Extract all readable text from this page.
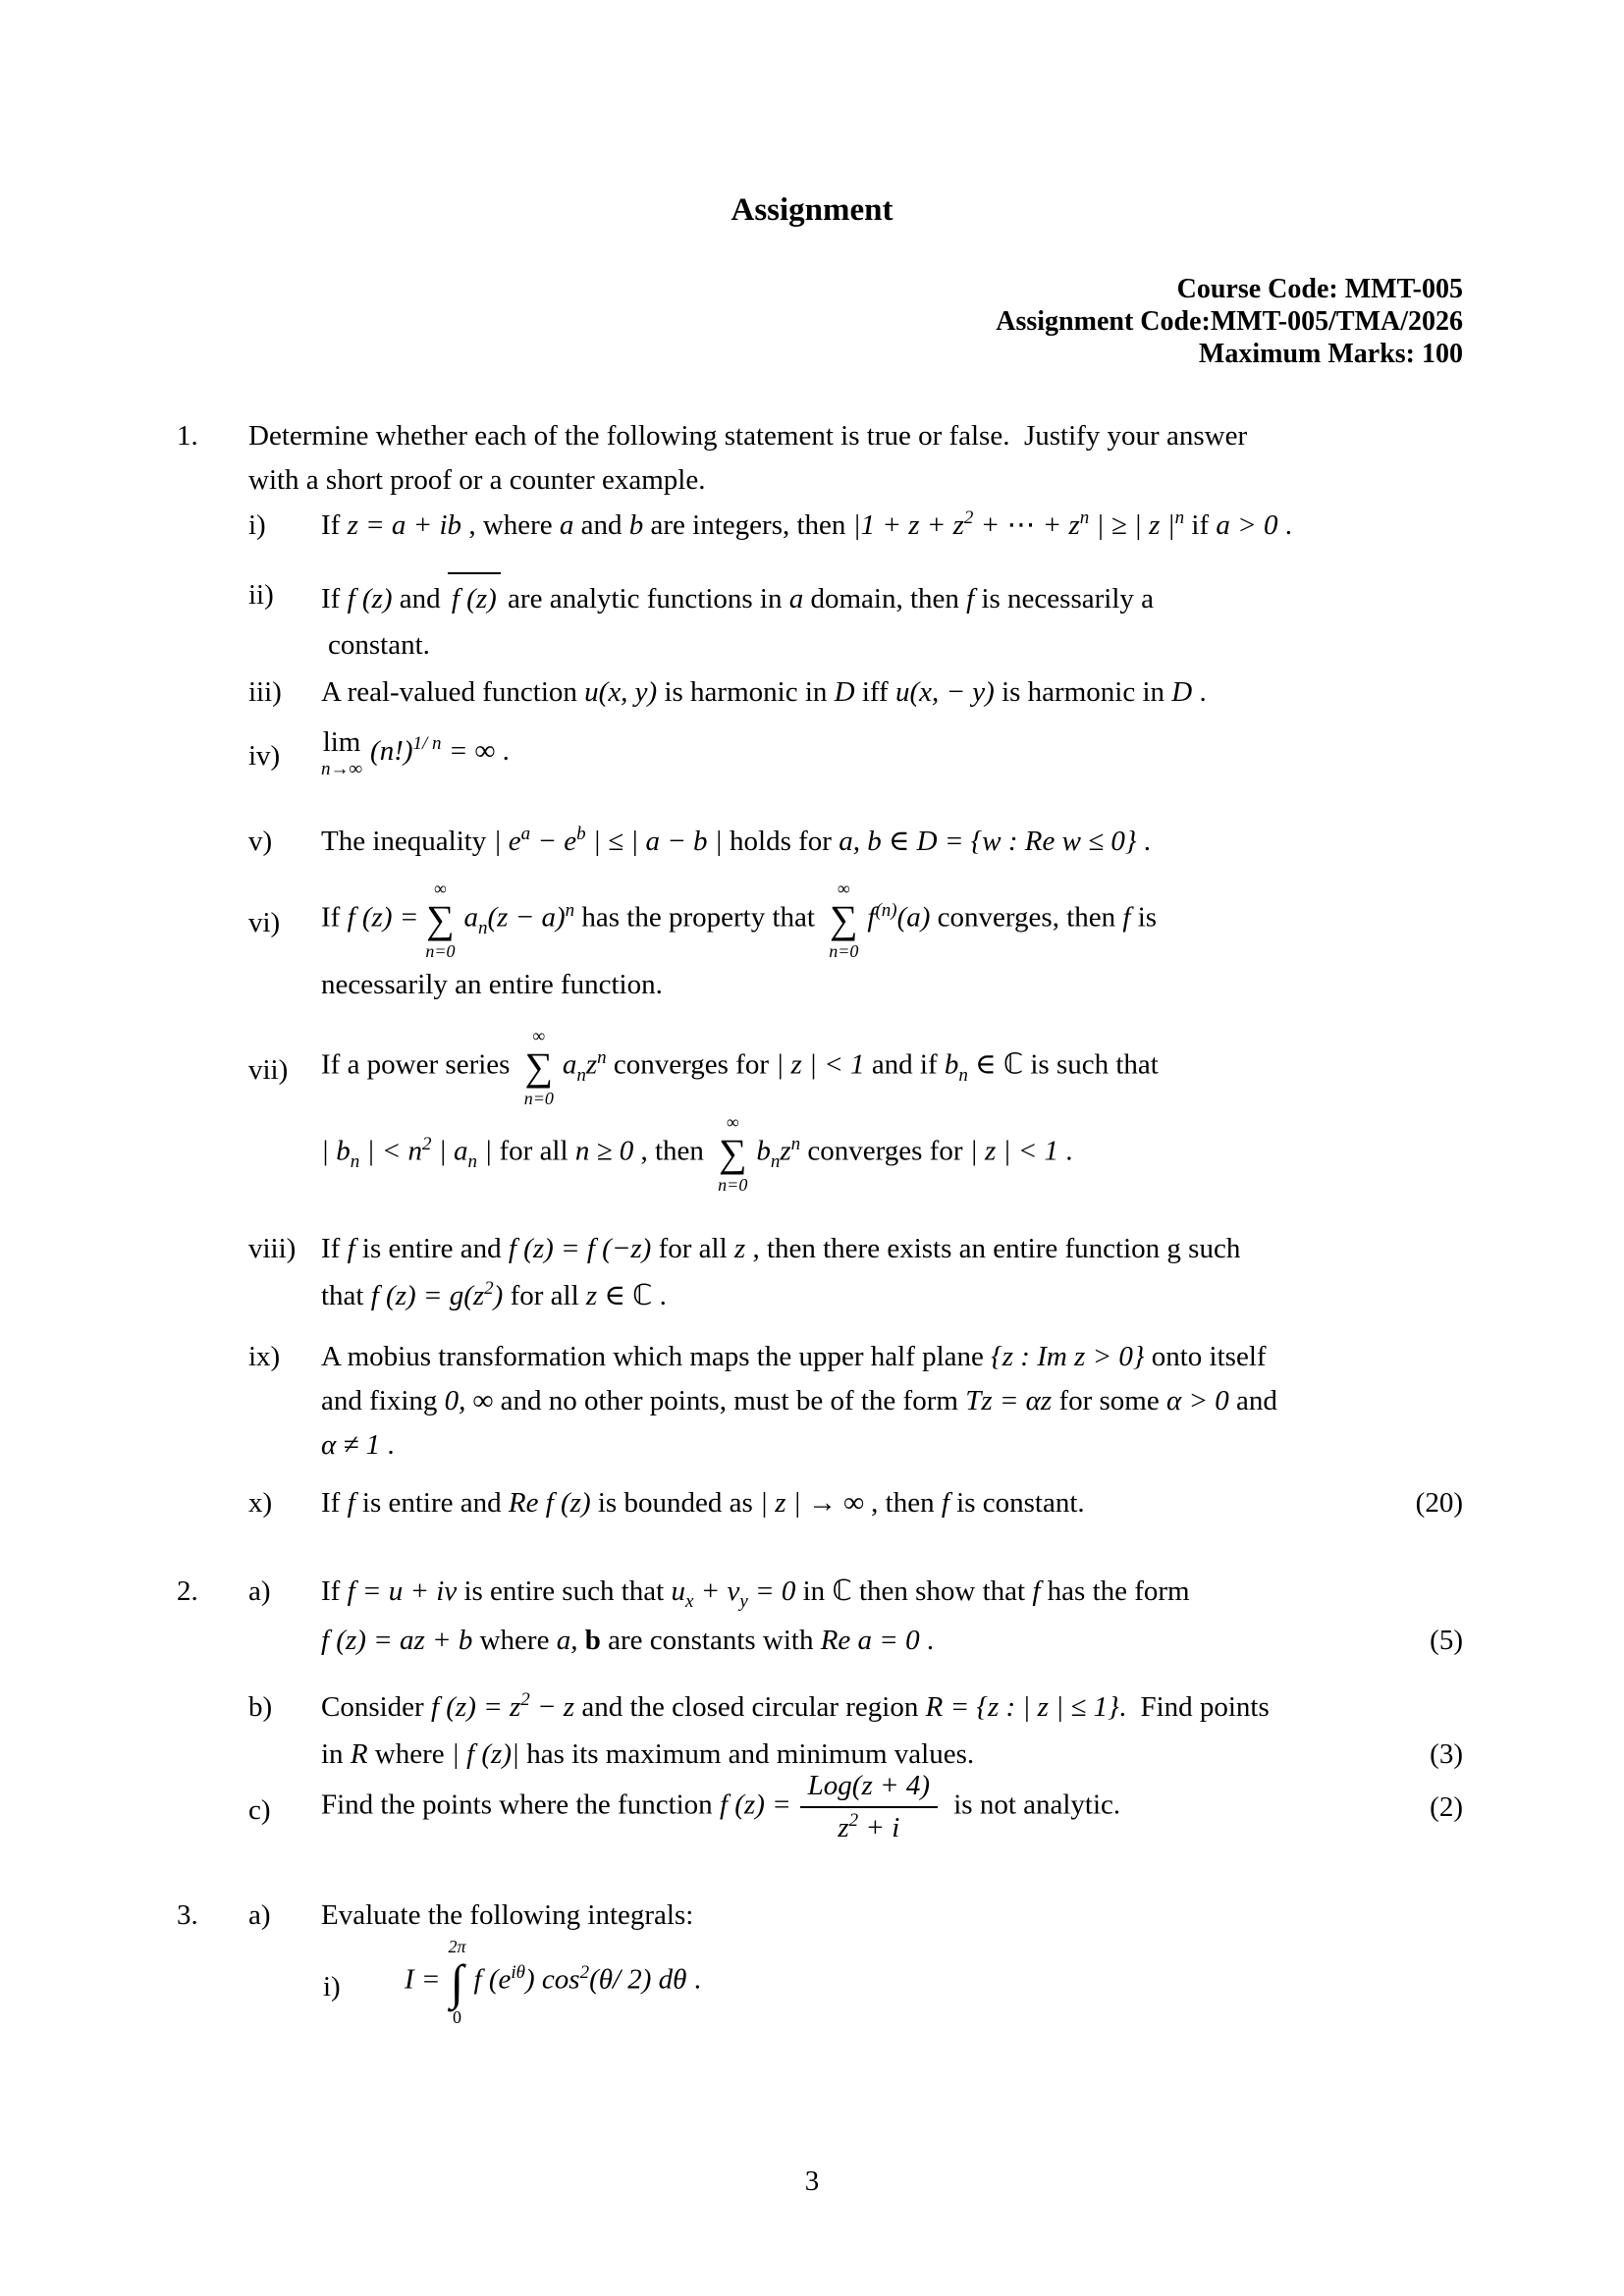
Assignment
Course Code: MMT-005
Assignment Code:MMT-005/TMA/2026
Maximum Marks: 100
1. Determine whether each of the following statement is true or false.  Justify your answer
with a short proof or a counter example.
i) If z = a + ib , where a and b are integers, then $|1 + z + z^2$ + ⋯ + $z^n$ | ≥ | z $|^n$ if a > 0 .
ii) If f (z) and f (z) are analytic functions in a domain, then f is necessarily a
constant.
iii) A real-valued function u(x, y) is harmonic in D iff u(x, − y) is harmonic in D .
iv) lim
n→∞
$(n!)^{1/ n}$ = ∞ .
v) The inequality | $e^a - e^b$ | ≤ | a − b | holds for a, b ∈ D = {w : Re w ≤ 0} .
vi) If f (z) =
∞
∑
n=0
$a_n(z - a)^n$ has the property that
∞
∑
n=0
$f^{(n)}(a)$ converges, then f is
necessarily an entire function.
vii) If a power series
∞
∑
n=0
$a_nz^n$ converges for | z | < 1 and if $b_n$ ∈ ℂ is such that
| $b_n$ | < $n^2$ | $a_n$ | for all n ≥ 0 , then
∞
∑
n=0
$b_nz^n$ converges for | z | < 1 .
viii) If f is entire and f (z) = f (−z) for all z , then there exists an entire function g such
that f $(z) = g(z^2)$ for all z ∈ ℂ .
ix) A mobius transformation which maps the upper half plane {z : Im z > 0} onto itself
and fixing 0, ∞ and no other points, must be of the form Tz = αz for some α > 0 and
α ≠ 1 .
x) If f is entire and Re f (z) is bounded as | z | → ∞ , then f is constant.	(20)
2. a) If f = u + iv is entire such that $u_x + v_y = 0$ in ℂ then show that f has the form
f (z) = az + b where a, b are constants with Re a = 0 .	(5)
b) Consider f $(z) = z^2 - z$ and the closed circular region R = {z : | z | ≤ 1}.  Find points
in R where | f (z)| has its maximum and minimum values.	(3)
c) Find the points where the function f $(z) = \frac{\text{Log(z + 4)}}{z^2 + i}$ is not analytic.	(2)
3. a) Evaluate the following integrals:
i) I =
2π
∫
0
f $(e^{i\theta})$ $\cos^2(\theta/$ 2) dθ .
3
